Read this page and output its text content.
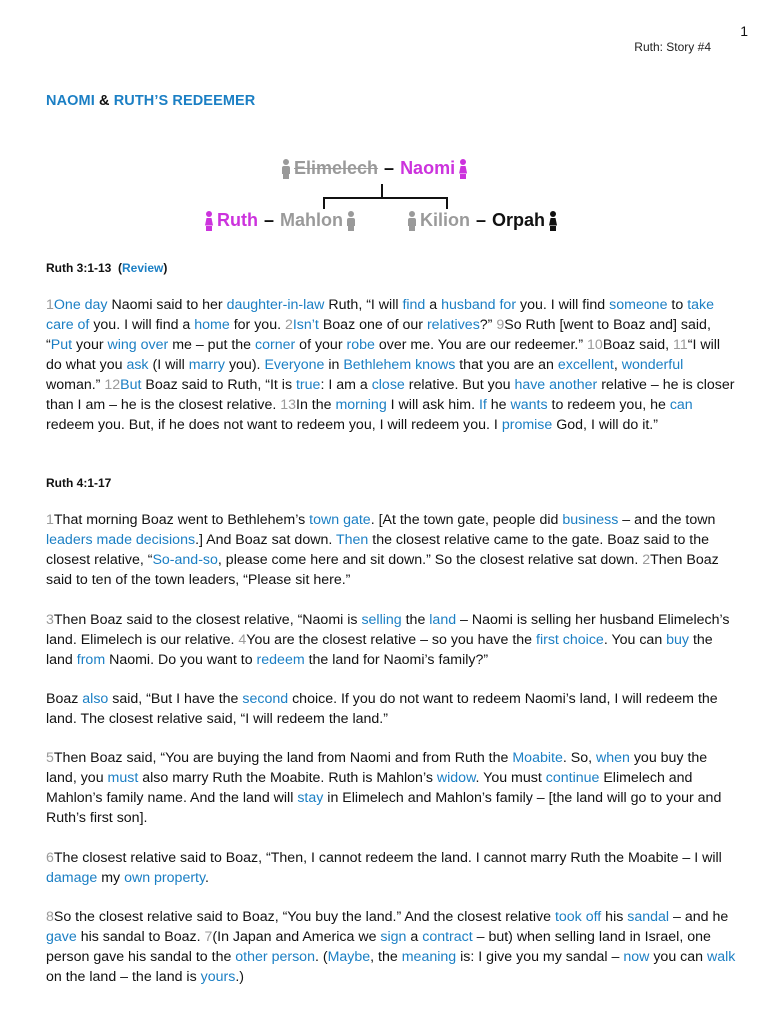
1
Ruth: Story #4
NAOMI & RUTH’S REDEEMER
Elimelech – Naomi
Ruth – Mahlon	Kilion – Orpah
Ruth 3:1-13  (Review)
1One day Naomi said to her daughter-in-law Ruth, “I will find a husband for you. I will find someone to take care of you. I will find a home for you. 2Isn’t Boaz one of our relatives?” 9So Ruth [went to Boaz and] said, “Put your wing over me – put the corner of your robe over me. You are our redeemer.” 10Boaz said, 11“I will do what you ask (I will marry you). Everyone in Bethlehem knows that you are an excellent, wonderful woman.” 12But Boaz said to Ruth, “It is true: I am a close relative. But you have another relative – he is closer than I am – he is the closest relative. 13In the morning I will ask him. If he wants to redeem you, he can redeem you. But, if he does not want to redeem you, I will redeem you. I promise God, I will do it.”
Ruth 4:1-17
1That morning Boaz went to Bethlehem’s town gate. [At the town gate, people did business – and the town leaders made decisions.] And Boaz sat down. Then the closest relative came to the gate. Boaz said to the closest relative, “So-and-so, please come here and sit down.” So the closest relative sat down. 2Then Boaz said to ten of the town leaders, “Please sit here.”
3Then Boaz said to the closest relative, “Naomi is selling the land – Naomi is selling her husband Elimelech’s land. Elimelech is our relative. 4You are the closest relative – so you have the first choice. You can buy the land from Naomi. Do you want to redeem the land for Naomi’s family?”
Boaz also said, “But I have the second choice. If you do not want to redeem Naomi’s land, I will redeem the land. The closest relative said, “I will redeem the land.”
5Then Boaz said, “You are buying the land from Naomi and from Ruth the Moabite. So, when you buy the land, you must also marry Ruth the Moabite. Ruth is Mahlon’s widow. You must continue Elimelech and Mahlon’s family name. And the land will stay in Elimelech and Mahlon’s family – [the land will go to your and Ruth’s first son].
6The closest relative said to Boaz, “Then, I cannot redeem the land. I cannot marry Ruth the Moabite – I will damage my own property.
8So the closest relative said to Boaz, “You buy the land.” And the closest relative took off his sandal – and he gave his sandal to Boaz. 7(In Japan and America we sign a contract – but) when selling land in Israel, one person gave his sandal to the other person. (Maybe, the meaning is: I give you my sandal – now you can walk on the land – the land is yours.)
